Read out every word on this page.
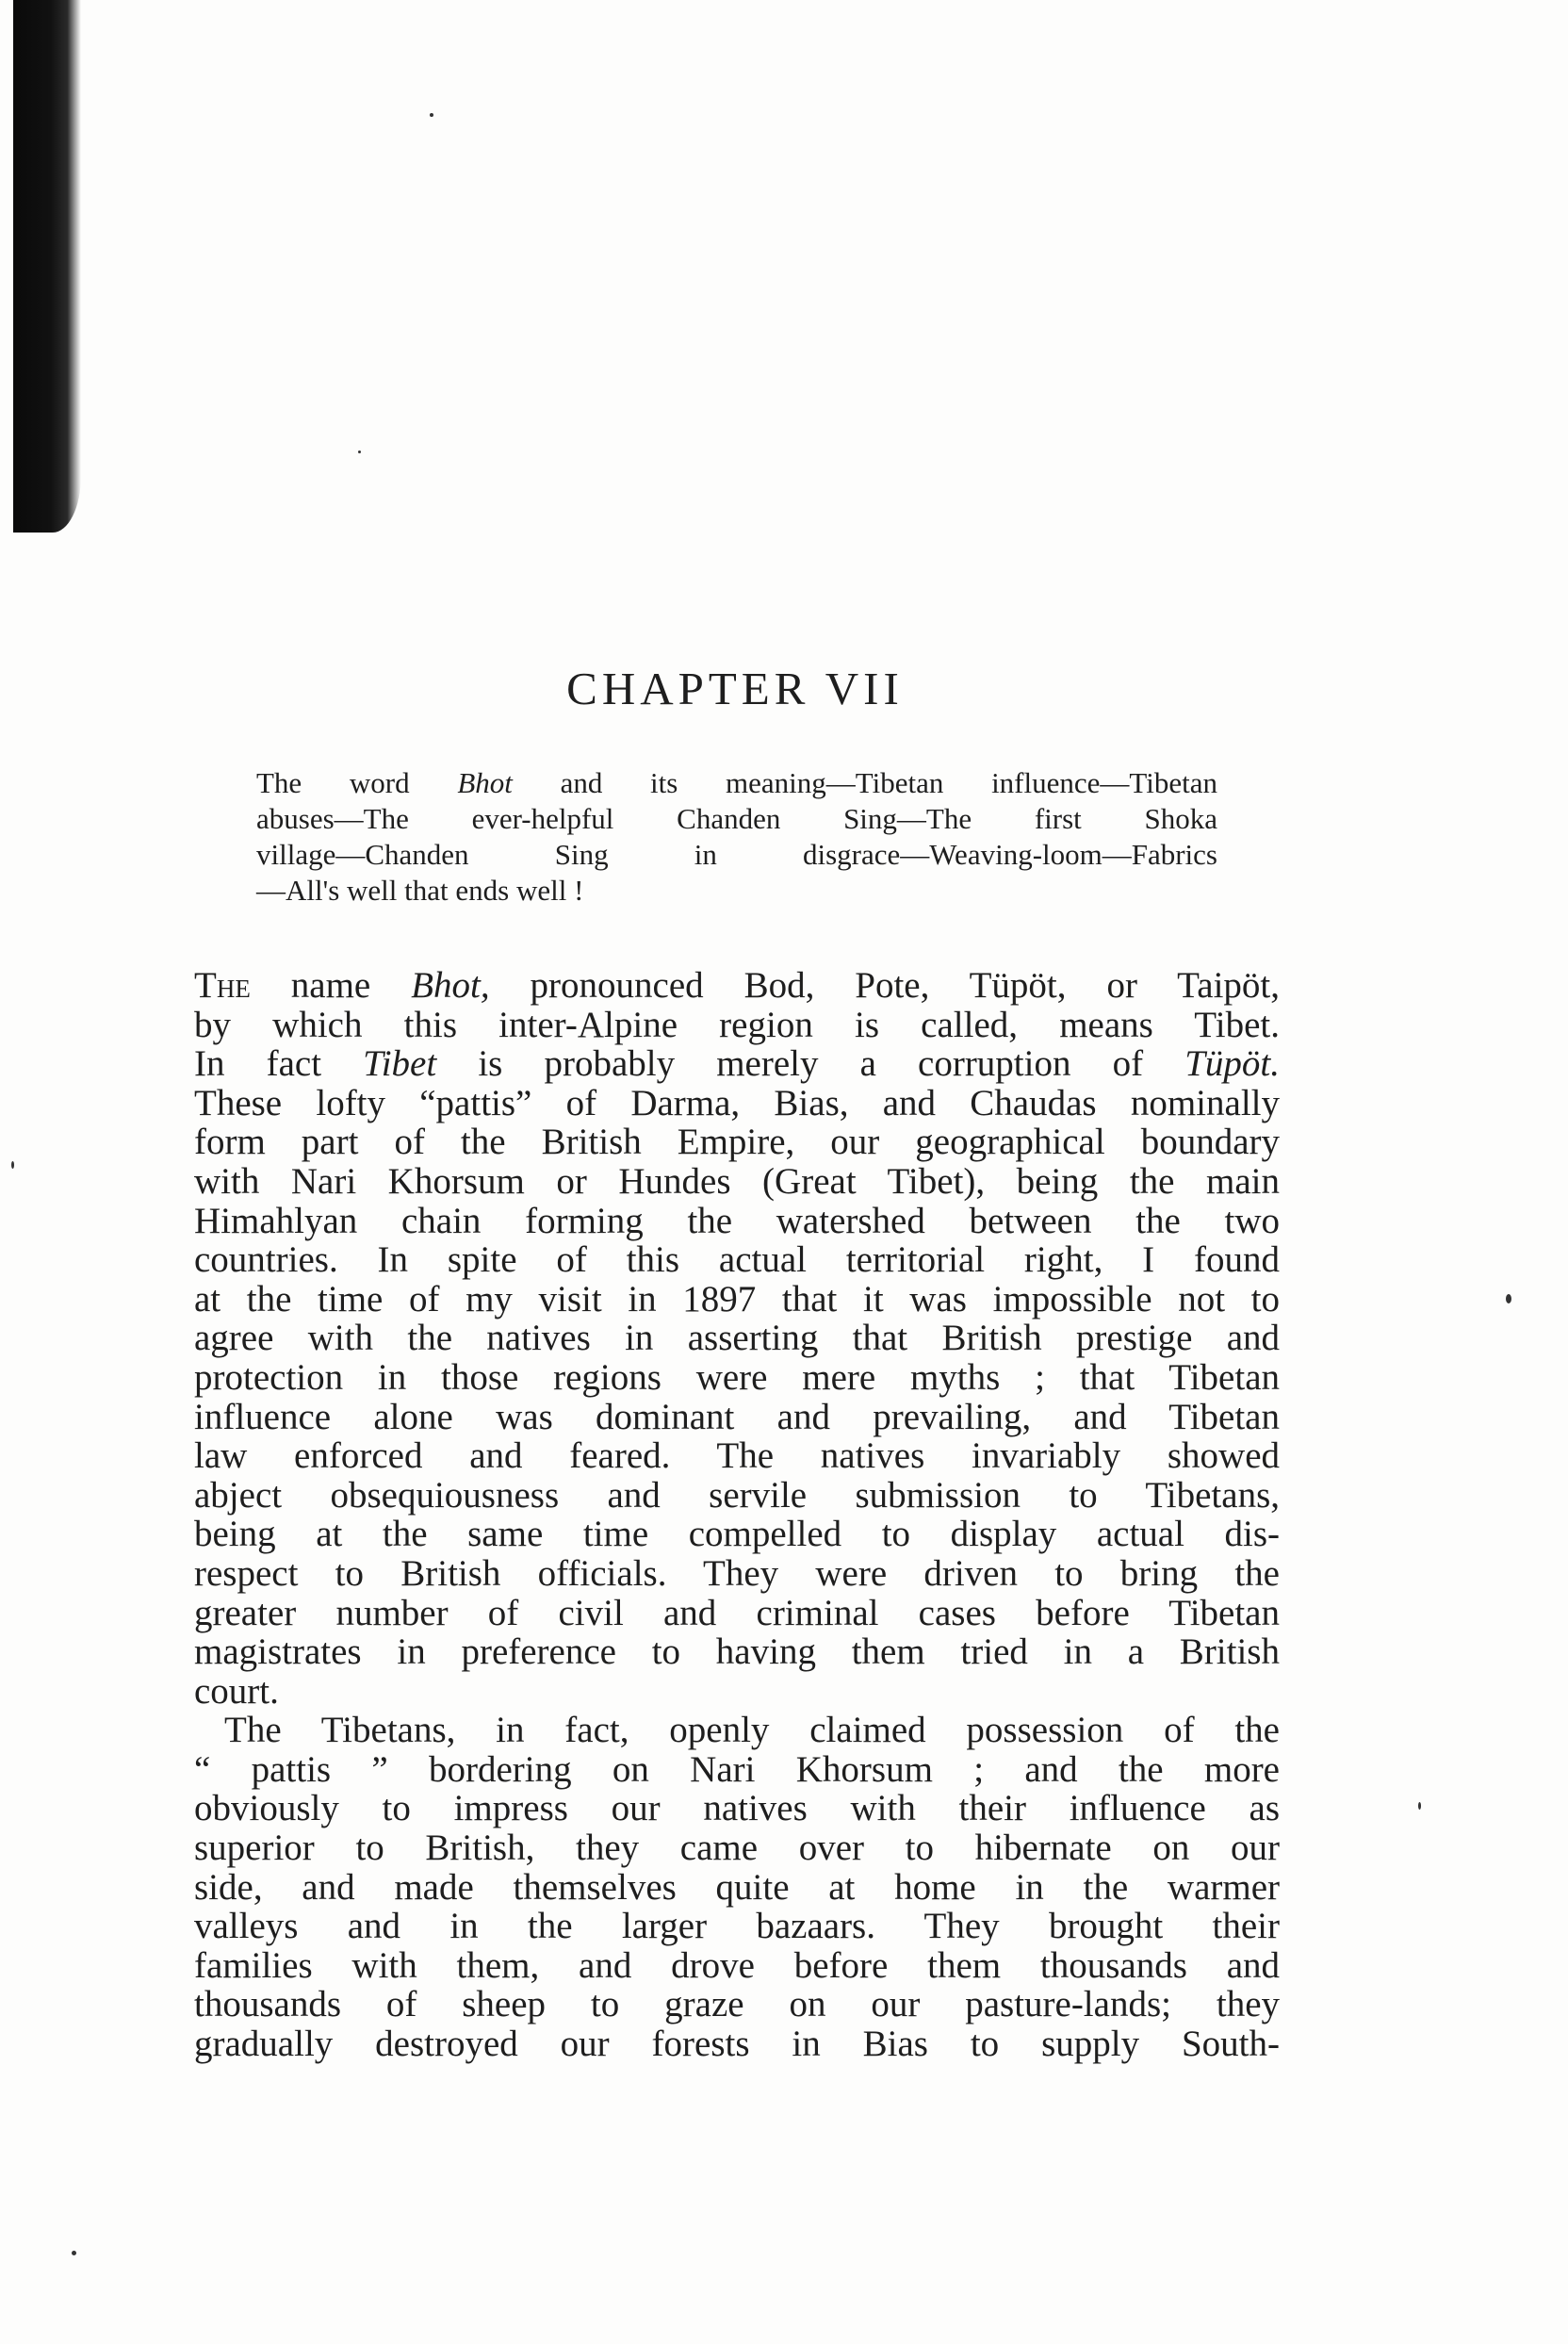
CHAPTER VII
The word Bhot and its meaning—Tibetan influence—Tibetan
abuses—The ever-helpful Chanden Sing—The first Shoka
village—Chanden Sing in disgrace—Weaving-loom—Fabrics
—All's well that ends well !
The name Bhot, pronounced Bod, Pote, Tüpöt, or Taipöt,
by which this inter-Alpine region is called, means Tibet.
In fact Tibet is probably merely a corruption of Tüpöt.
These lofty “pattis” of Darma, Bias, and Chaudas nominally
form part of the British Empire, our geographical boundary
with Nari Khorsum or Hundes (Great Tibet), being the main
Himahlyan chain forming the watershed between the two
countries. In spite of this actual territorial right, I found
at the time of my visit in 1897 that it was impossible not to
agree with the natives in asserting that British prestige and
protection in those regions were mere myths ; that Tibetan
influence alone was dominant and prevailing, and Tibetan
law enforced and feared. The natives invariably showed
abject obsequiousness and servile submission to Tibetans,
being at the same time compelled to display actual dis-
respect to British officials. They were driven to bring the
greater number of civil and criminal cases before Tibetan
magistrates in preference to having them tried in a British
court.
The Tibetans, in fact, openly claimed possession of the
“ pattis ” bordering on Nari Khorsum ; and the more
obviously to impress our natives with their influence as
superior to British, they came over to hibernate on our
side, and made themselves quite at home in the warmer
valleys and in the larger bazaars. They brought their
families with them, and drove before them thousands and
thousands of sheep to graze on our pasture-lands; they
gradually destroyed our forests in Bias to supply South-
